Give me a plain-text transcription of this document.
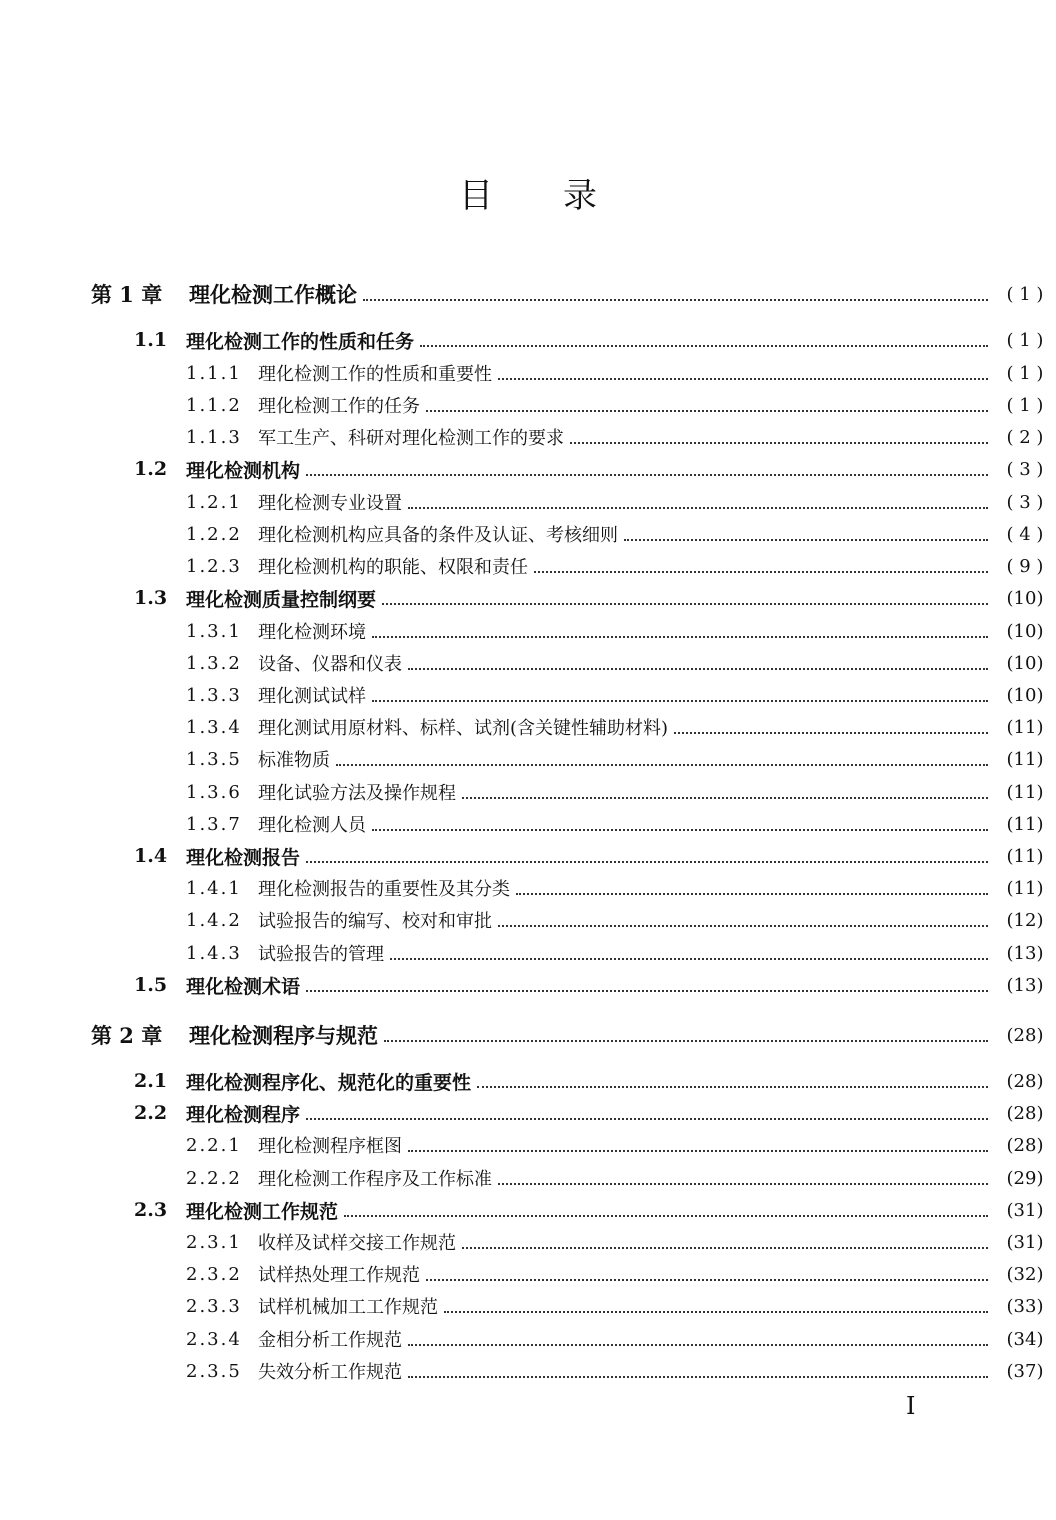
目 录
第 1 章	理化检测工作概论	( 1 )
1.1 理化检测工作的性质和任务	( 1 )
1.1.1 理化检测工作的性质和重要性	( 1 )
1.1.2 理化检测工作的任务	( 1 )
1.1.3 军工生产、科研对理化检测工作的要求	( 2 )
1.2 理化检测机构	( 3 )
1.2.1 理化检测专业设置	( 3 )
1.2.2 理化检测机构应具备的条件及认证、考核细则	( 4 )
1.2.3 理化检测机构的职能、权限和责任	( 9 )
1.3 理化检测质量控制纲要	(10)
1.3.1 理化检测环境	(10)
1.3.2 设备、仪器和仪表	(10)
1.3.3 理化测试试样	(10)
1.3.4 理化测试用原材料、标样、试剂(含关键性辅助材料)	(11)
1.3.5 标准物质	(11)
1.3.6 理化试验方法及操作规程	(11)
1.3.7 理化检测人员	(11)
1.4 理化检测报告	(11)
1.4.1 理化检测报告的重要性及其分类	(11)
1.4.2 试验报告的编写、校对和审批	(12)
1.4.3 试验报告的管理	(13)
1.5 理化检测术语	(13)
第 2 章	理化检测程序与规范	(28)
2.1 理化检测程序化、规范化的重要性	(28)
2.2 理化检测程序	(28)
2.2.1 理化检测程序框图	(28)
2.2.2 理化检测工作程序及工作标准	(29)
2.3 理化检测工作规范	(31)
2.3.1 收样及试样交接工作规范	(31)
2.3.2 试样热处理工作规范	(32)
2.3.3 试样机械加工工作规范	(33)
2.3.4 金相分析工作规范	(34)
2.3.5 失效分析工作规范	(37)
I
